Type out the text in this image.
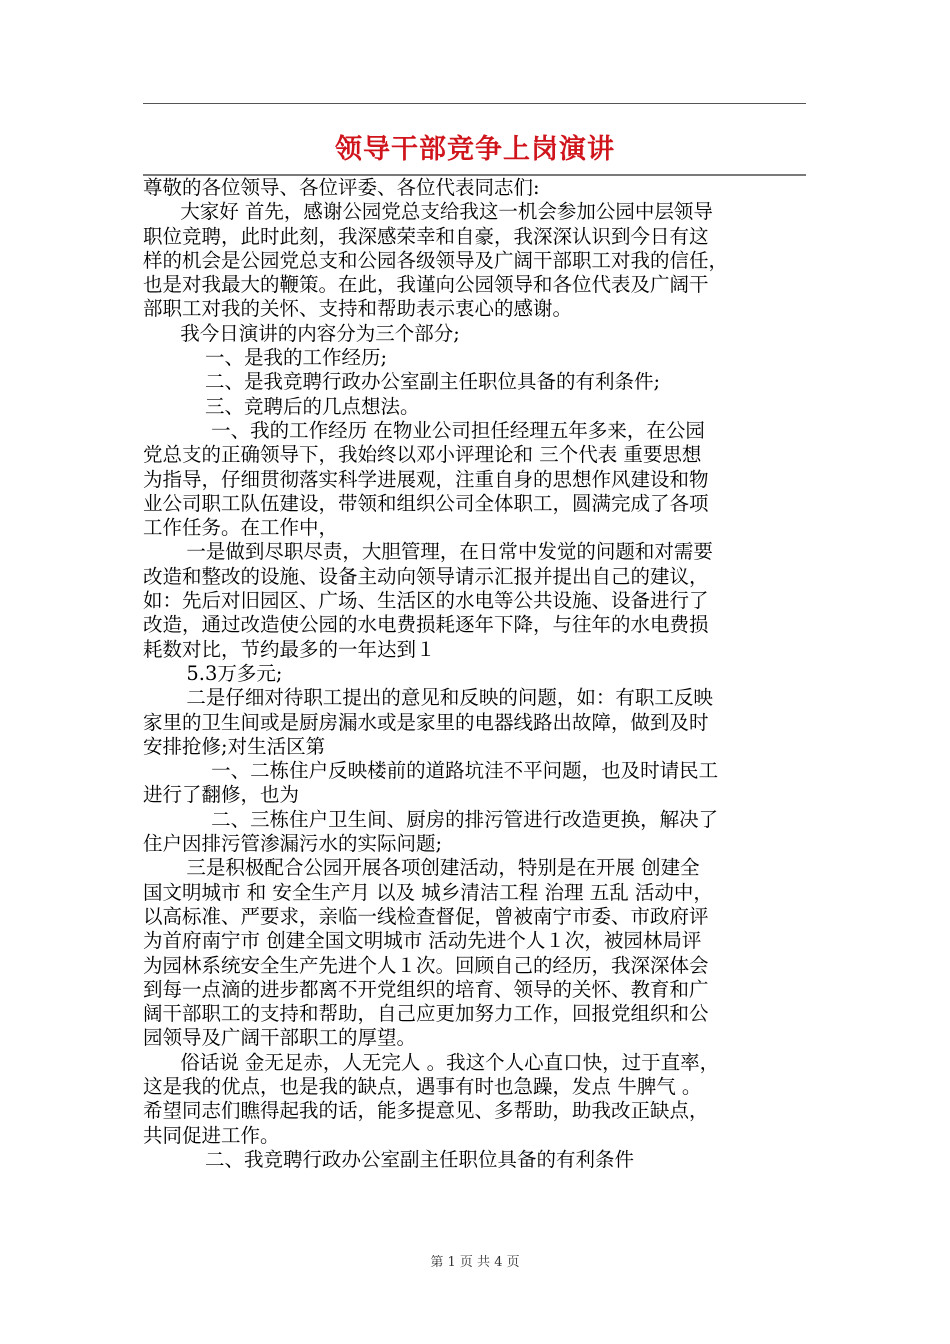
领导干部竞争上岗演讲
尊敬的各位领导、各位评委、各位代表同志们:
大家好 首先，感谢公园党总支给我这一机会参加公园中层领导
职位竞聘，此时此刻，我深感荣幸和自豪，我深深认识到今日有这
样的机会是公园党总支和公园各级领导及广阔干部职工对我的信任，
也是对我最大的鞭策。在此，我谨向公园领导和各位代表及广阔干
部职工对我的关怀、支持和帮助表示衷心的感谢。
我今日演讲的内容分为三个部分;
一、是我的工作经历;
二、是我竞聘行政办公室副主任职位具备的有利条件;
三、竞聘后的几点想法。
一、我的工作经历 在物业公司担任经理五年多来，在公园
党总支的正确领导下，我始终以邓小评理论和 三个代表 重要思想
为指导，仔细贯彻落实科学进展观，注重自身的思想作风建设和物
业公司职工队伍建设，带领和组织公司全体职工，圆满完成了各项
工作任务。在工作中，
一是做到尽职尽责，大胆管理，在日常中发觉的问题和对需要
改造和整改的设施、设备主动向领导请示汇报并提出自己的建议，
如：先后对旧园区、广场、生活区的水电等公共设施、设备进行了
改造，通过改造使公园的水电费损耗逐年下降，与往年的水电费损
耗数对比，节约最多的一年达到１
5.3万多元;
二是仔细对待职工提出的意见和反映的问题，如：有职工反映
家里的卫生间或是厨房漏水或是家里的电器线路出故障，做到及时
安排抢修;对生活区第
一、二栋住户反映楼前的道路坑洼不平问题，也及时请民工
进行了翻修，也为
二、三栋住户卫生间、厨房的排污管进行改造更换，解决了
住户因排污管渗漏污水的实际问题;
三是积极配合公园开展各项创建活动，特别是在开展 创建全
国文明城市 和 安全生产月 以及 城乡清洁工程 治理 五乱 活动中，
以高标准、严要求，亲临一线检查督促，曾被南宁市委、市政府评
为首府南宁市 创建全国文明城市 活动先进个人１次，被园林局评
为园林系统安全生产先进个人１次。回顾自己的经历，我深深体会
到每一点滴的进步都离不开党组织的培育、领导的关怀、教育和广
阔干部职工的支持和帮助，自己应更加努力工作，回报党组织和公
园领导及广阔干部职工的厚望。
俗话说 金无足赤，人无完人 。我这个人心直口快，过于直率，
这是我的优点，也是我的缺点，遇事有时也急躁，发点 牛脾气 。
希望同志们瞧得起我的话，能多提意见、多帮助，助我改正缺点，
共同促进工作。
二、我竞聘行政办公室副主任职位具备的有利条件
第 1 页 共 4 页
